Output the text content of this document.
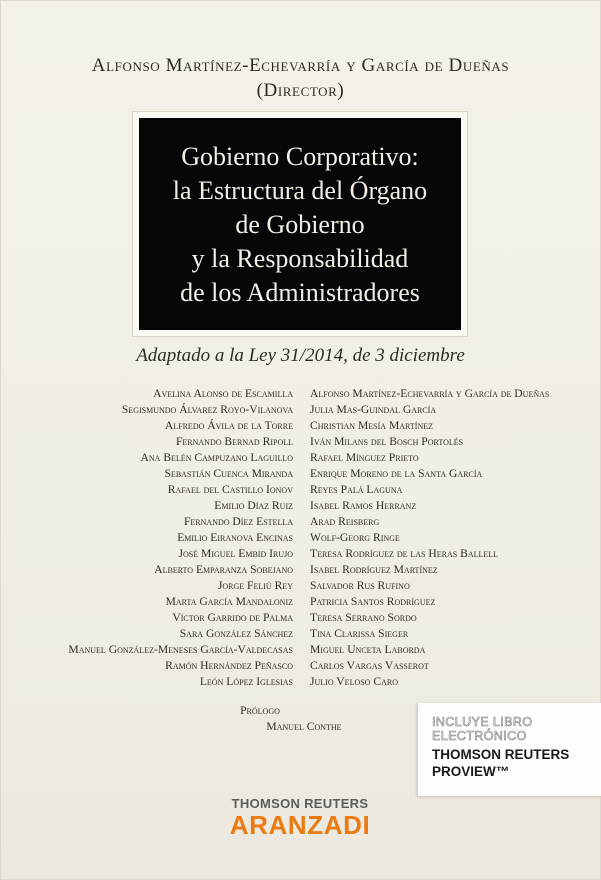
Alfonso Martínez-Echevarría y García de Dueñas
(Director)
Gobierno Corporativo:
la Estructura del Órgano
de Gobierno
y la Responsabilidad
de los Administradores
Adaptado a la Ley 31/2014, de 3 diciembre
Avelina Alonso de Escamilla
Segismundo Álvarez Royo-Vilanova
Alfredo Ávila de la Torre
Fernando Bernad Ripoll
Ana Belén Campuzano Laguillo
Sebastián Cuenca Miranda
Rafael del Castillo Ionov
Emilio Díaz Ruiz
Fernando Díez Estella
Emilio Eiranova Encinas
José Miguel Embid Irujo
Alberto Emparanza Sobejano
Jorge Feliú Rey
Marta García Mandaloniz
Víctor Garrido de Palma
Sara González Sánchez
Manuel González-Meneses García-Valdecasas
Ramón Hernández Peñasco
León López Iglesias
Alfonso Martínez-Echevarría y García de Dueñas
Julia Mas-Guindal García
Christian Mesía Martínez
Iván Milans del Bosch Portolés
Rafael Mínguez Prieto
Enrique Moreno de la Santa García
Reyes Palá Laguna
Isabel Ramos Herranz
Arad Reisberg
Wolf-Georg Ringe
Teresa Rodríguez de las Heras Ballell
Isabel Rodríguez Martínez
Salvador Rus Rufino
Patricia Santos Rodríguez
Teresa Serrano Sordo
Tina Clarissa Sieger
Miguel Unceta Laborda
Carlos Vargas Vasserot
Julio Veloso Caro
Prólogo
Manuel Conthe	INCLUYE LIBRO
ELECTRÓNICO
THOMSON REUTERS
PROVIEW™
THOMSON REUTERS
ARANZADI
